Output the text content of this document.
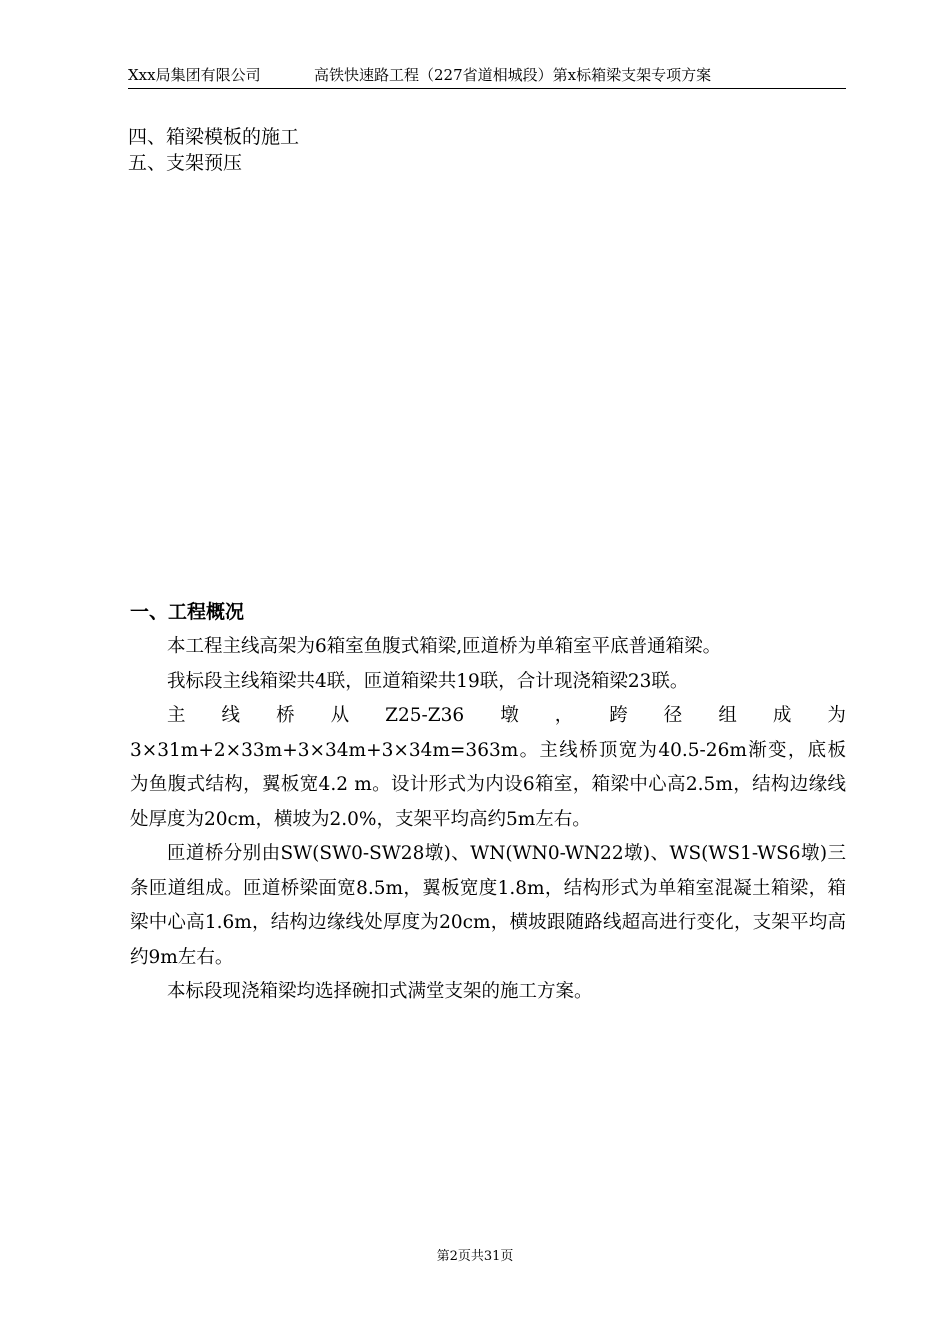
Xxx局集团有限公司	高铁快速路工程（227省道相城段）第x标箱梁支架专项方案
四、箱梁模板的施工
五、支架预压
一、工程概况

本工程主线高架为6箱室鱼腹式箱梁,匝道桥为单箱室平底普通箱梁。

我标段主线箱梁共4联，匝道箱梁共19联，合计现浇箱梁23联。

主 线 桥 从 Z25-Z36 墩 ， 跨 径 组 成 为

3×31m+2×33m+3×34m+3×34m=363m。主线桥顶宽为40.5-26m渐变，底板为鱼腹式结构，翼板宽4.2 m。设计形式为内设6箱室，箱梁中心高2.5m，结构边缘线处厚度为20cm，横坡为2.0%，支架平均高约5m左右。

匝道桥分别由SW(SW0-SW28墩)、WN(WN0-WN22墩)、WS(WS1-WS6墩)三条匝道组成。匝道桥梁面宽8.5m，翼板宽度1.8m，结构形式为单箱室混凝土箱梁，箱梁中心高1.6m，结构边缘线处厚度为20cm，横坡跟随路线超高进行变化，支架平均高约9m左右。

本标段现浇箱梁均选择碗扣式满堂支架的施工方案。

第2页共31页
